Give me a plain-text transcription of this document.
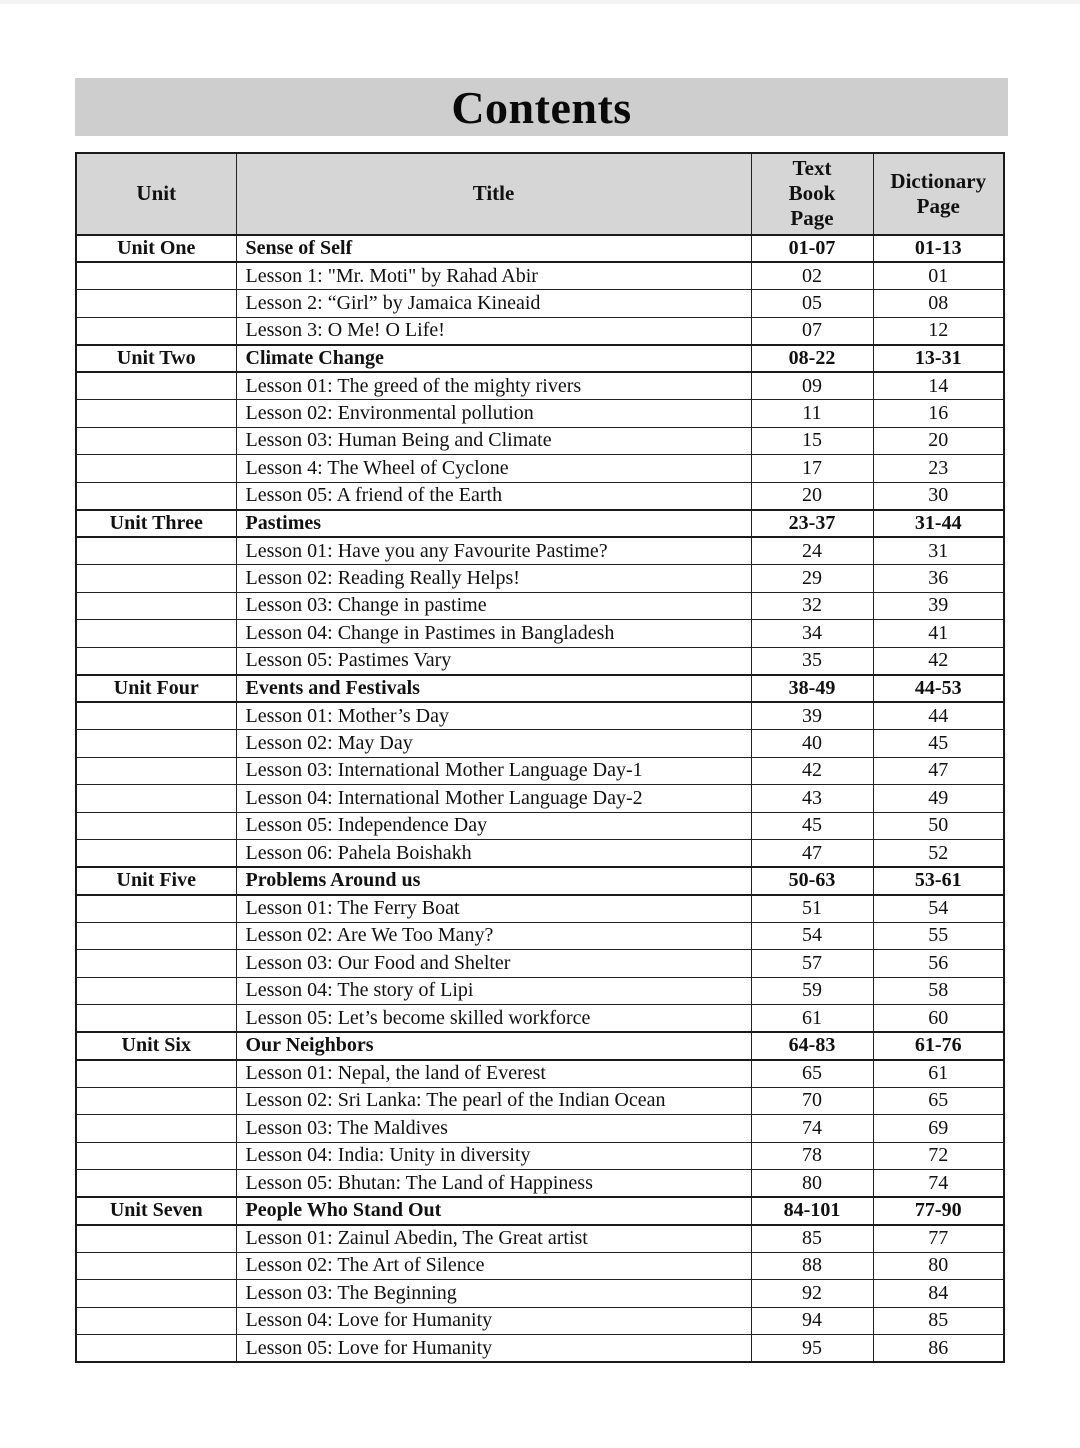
Contents
Unit	Title	Text Book Page	Dictionary Page
Unit One	Sense of Self	01-07	01-13
	Lesson 1: "Mr. Moti" by Rahad Abir	02	01
	Lesson 2: “Girl” by Jamaica Kineaid	05	08
	Lesson 3: O Me! O Life!	07	12
Unit Two	Climate Change	08-22	13-31
	Lesson 01: The greed of the mighty rivers	09	14
	Lesson 02: Environmental pollution	11	16
	Lesson 03: Human Being and Climate	15	20
	Lesson 4: The Wheel of Cyclone	17	23
	Lesson 05: A friend of the Earth	20	30
Unit Three	Pastimes	23-37	31-44
	Lesson 01: Have you any Favourite Pastime?	24	31
	Lesson 02: Reading Really Helps!	29	36
	Lesson 03: Change in pastime	32	39
	Lesson 04: Change in Pastimes in Bangladesh	34	41
	Lesson 05: Pastimes Vary	35	42
Unit Four	Events and Festivals	38-49	44-53
	Lesson 01: Mother’s Day	39	44
	Lesson 02: May Day	40	45
	Lesson 03: International Mother Language Day-1	42	47
	Lesson 04: International Mother Language Day-2	43	49
	Lesson 05: Independence Day	45	50
	Lesson 06: Pahela Boishakh	47	52
Unit Five	Problems Around us	50-63	53-61
	Lesson 01: The Ferry Boat	51	54
	Lesson 02: Are We Too Many?	54	55
	Lesson 03: Our Food and Shelter	57	56
	Lesson 04: The story of Lipi	59	58
	Lesson 05: Let’s become skilled workforce	61	60
Unit Six	Our Neighbors	64-83	61-76
	Lesson 01: Nepal, the land of Everest	65	61
	Lesson 02: Sri Lanka: The pearl of the Indian Ocean	70	65
	Lesson 03: The Maldives	74	69
	Lesson 04: India: Unity in diversity	78	72
	Lesson 05: Bhutan: The Land of Happiness	80	74
Unit Seven	People Who Stand Out	84-101	77-90
	Lesson 01: Zainul Abedin, The Great artist	85	77
	Lesson 02: The Art of Silence	88	80
	Lesson 03: The Beginning	92	84
	Lesson 04: Love for Humanity	94	85
	Lesson 05: Love for Humanity	95	86
